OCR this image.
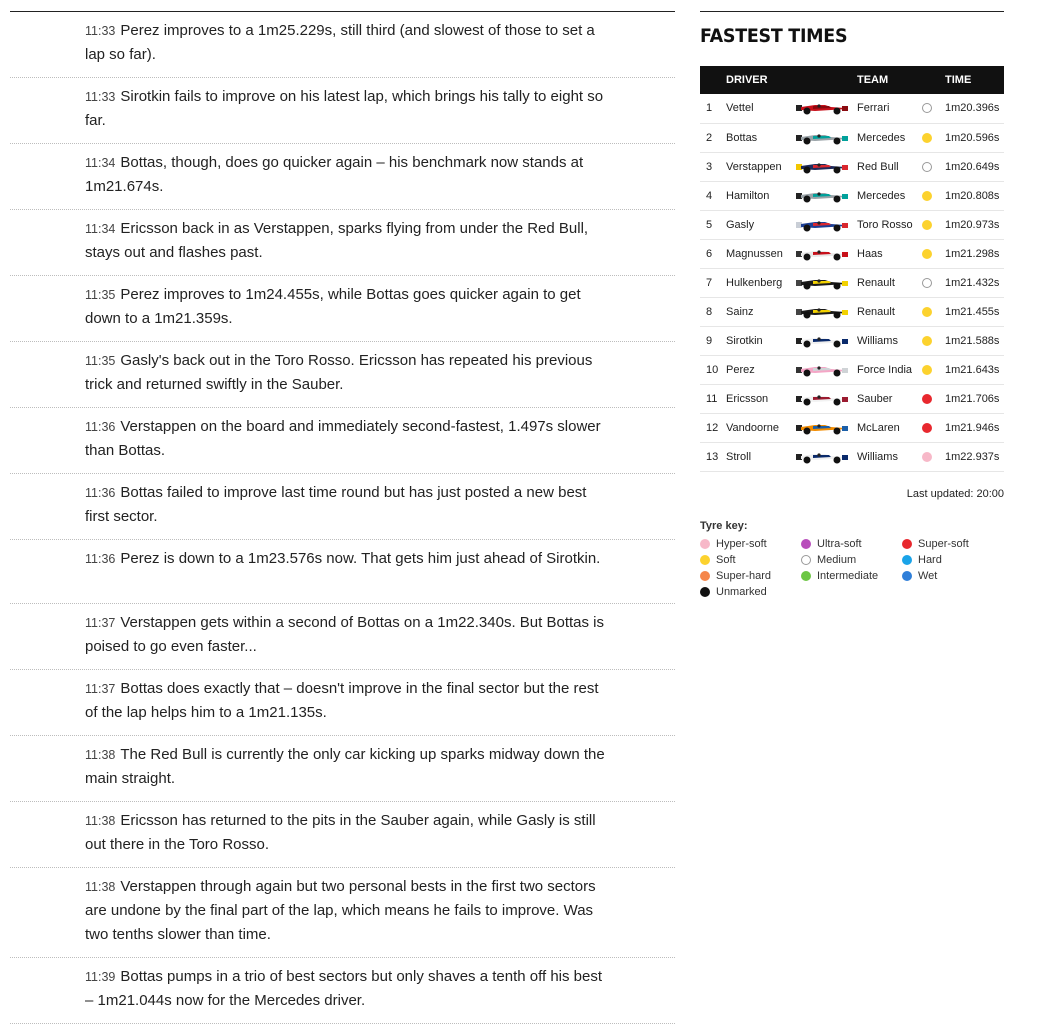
11:33 Perez improves to a 1m25.229s, still third (and slowest of those to set a lap so far).

11:33 Sirotkin fails to improve on his latest lap, which brings his tally to eight so far.

11:34 Bottas, though, does go quicker again – his benchmark now stands at 1m21.674s.

11:34 Ericsson back in as Verstappen, sparks flying from under the Red Bull, stays out and flashes past.

11:35 Perez improves to 1m24.455s, while Bottas goes quicker again to get down to a 1m21.359s.

11:35 Gasly's back out in the Toro Rosso. Ericsson has repeated his previous trick and returned swiftly in the Sauber.

11:36 Verstappen on the board and immediately second-fastest, 1.497s slower than Bottas.

11:36 Bottas failed to improve last time round but has just posted a new best first sector.

11:36 Perez is down to a 1m23.576s now. That gets him just ahead of Sirotkin.

11:37 Verstappen gets within a second of Bottas on a 1m22.340s. But Bottas is poised to go even faster...

11:37 Bottas does exactly that – doesn't improve in the final sector but the rest of the lap helps him to a 1m21.135s.

11:38 The Red Bull is currently the only car kicking up sparks midway down the main straight.

11:38 Ericsson has returned to the pits in the Sauber again, while Gasly is still out there in the Toro Rosso.

11:38 Verstappen through again but two personal bests in the first two sectors are undone by the final part of the lap, which means he fails to improve. Was two tenths slower than time.

11:39 Bottas pumps in a trio of best sectors but only shaves a tenth off his best – 1m21.044s now for the Mercedes driver.

FASTEST TIMES
	DRIVER		TEAM		TIME
1	Vettel		Ferrari		1m20.396s
2	Bottas		Mercedes		1m20.596s
3	Verstappen		Red Bull		1m20.649s
4	Hamilton		Mercedes		1m20.808s
5	Gasly		Toro Rosso		1m20.973s
6	Magnussen		Haas		1m21.298s
7	Hulkenberg		Renault		1m21.432s
8	Sainz		Renault		1m21.455s
9	Sirotkin		Williams		1m21.588s
10	Perez		Force India		1m21.643s
11	Ericsson		Sauber		1m21.706s
12	Vandoorne		McLaren		1m21.946s
13	Stroll		Williams		1m22.937s
Last updated: 20:00
Tyre key:
Hyper-soft	Ultra-soft	Super-soft
Soft	Medium	Hard
Super-hard	Intermediate	Wet
Unmarked
